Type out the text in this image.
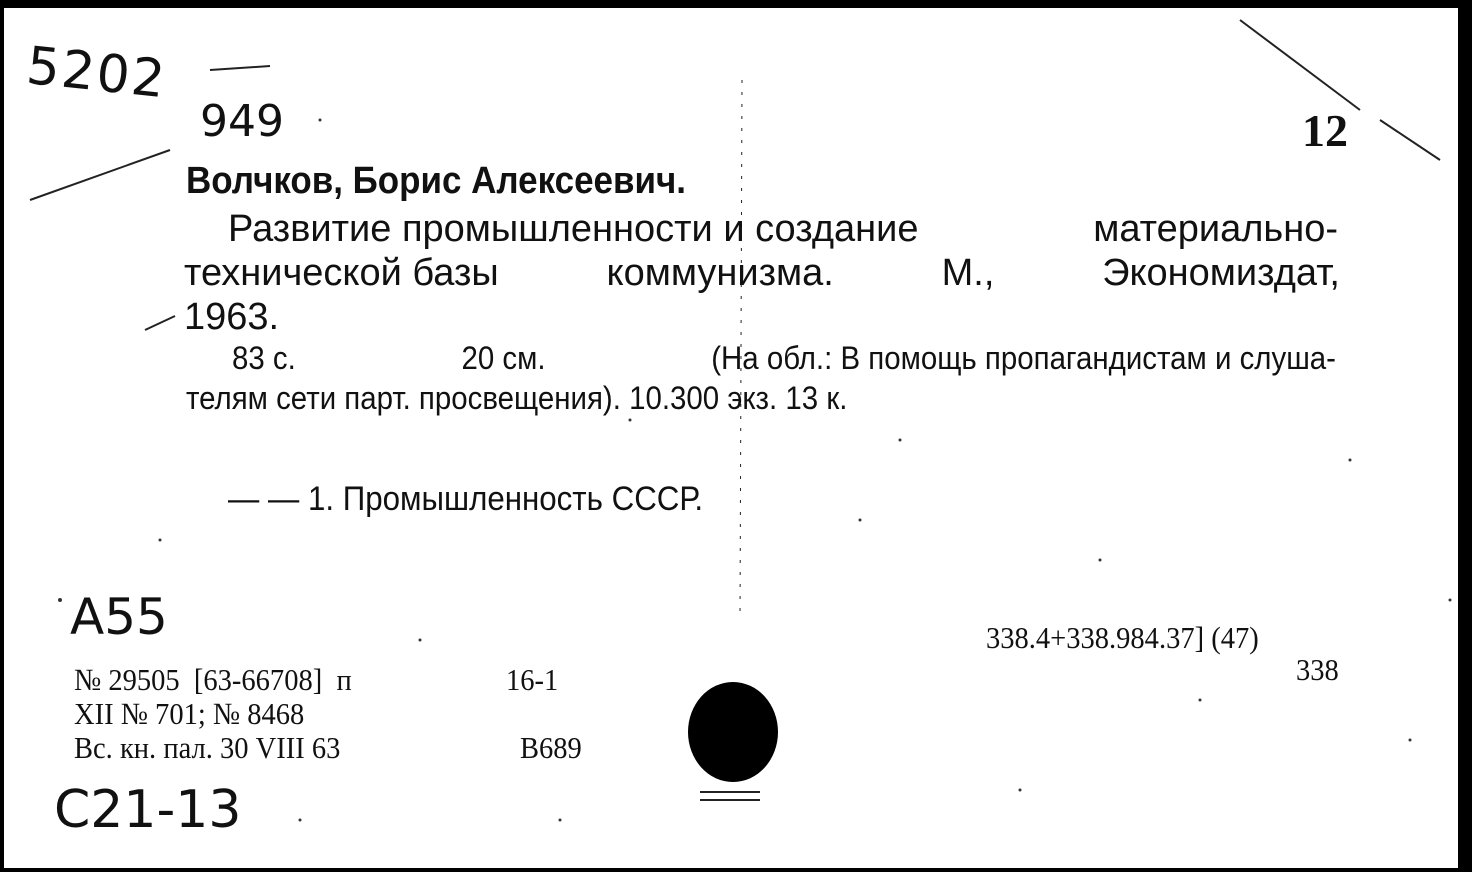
5202
949	12
Волчков, Борис Алексеевич.
Развитие промышленности и создание	материально-
технической базы	коммунизма.	М.,	Экономиздат,
1963.
83 с.	20 см.	(На обл.: В помощь пропагандистам и слуша-
телям сети парт. просвещения). 10.300 экз. 13 к.
— — 1. Промышленность СССР.
А55
№ 29505  [63-66708]  п	16-1
XII № 701; № 8468
Вс. кн. пал. 30 VIII 63	В689
338.4+338.984.37] (47)
338
С21-13
